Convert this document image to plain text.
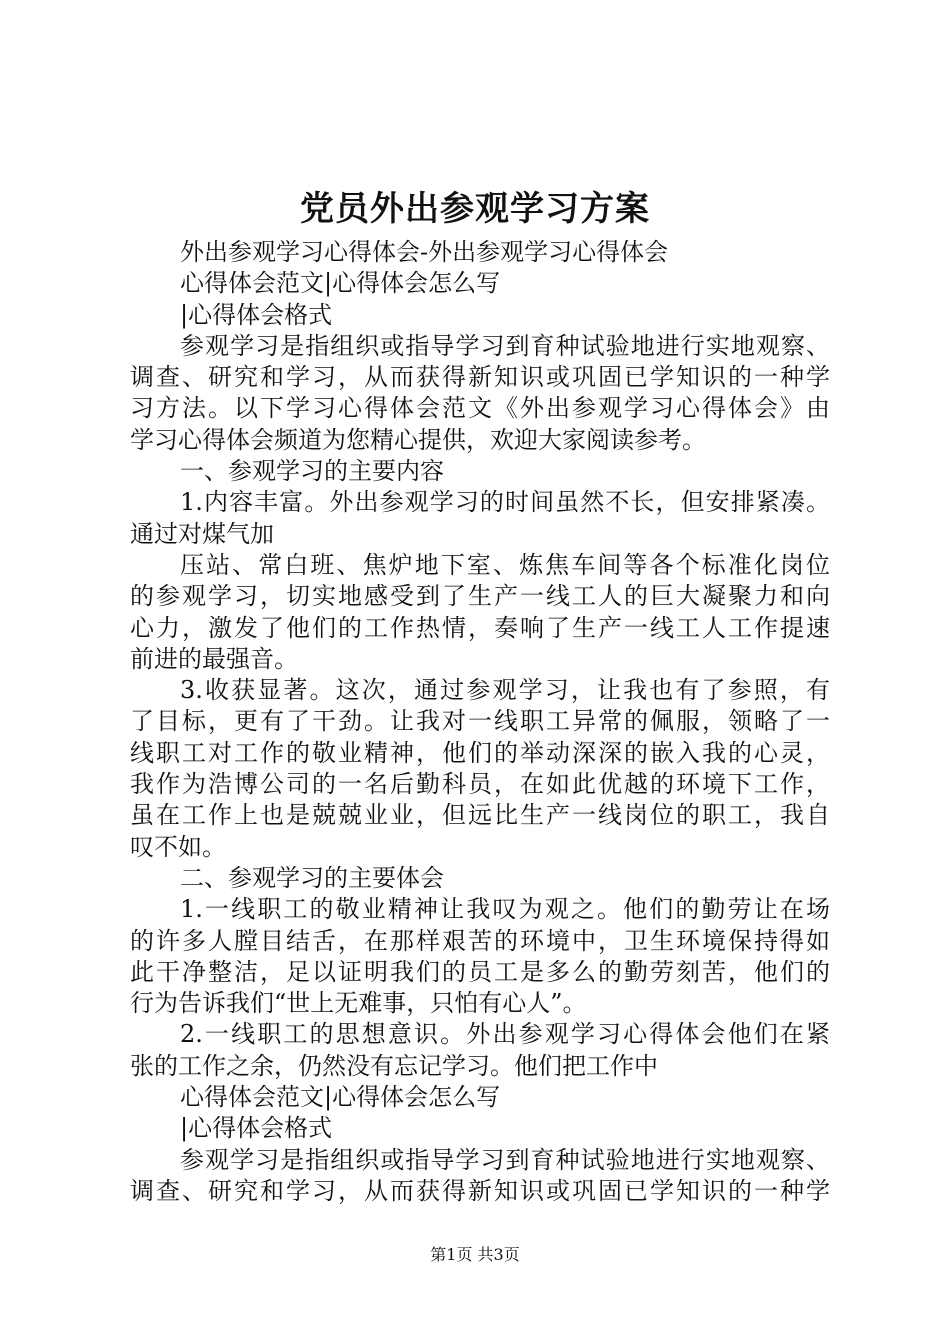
党员外出参观学习方案
外出参观学习心得体会-外出参观学习心得体会
心得体会范文|心得体会怎么写
|心得体会格式
参观学习是指组织或指导学习到育种试验地进行实地观察、
调查、研究和学习，从而获得新知识或巩固已学知识的一种学
习方法。以下学习心得体会范文《外出参观学习心得体会》由
学习心得体会频道为您精心提供，欢迎大家阅读参考。
一、参观学习的主要内容
1.内容丰富。外出参观学习的时间虽然不长，但安排紧凑。
通过对煤气加
压站、常白班、焦炉地下室、炼焦车间等各个标准化岗位
的参观学习，切实地感受到了生产一线工人的巨大凝聚力和向
心力，激发了他们的工作热情，奏响了生产一线工人工作提速
前进的最强音。
3.收获显著。这次，通过参观学习，让我也有了参照，有
了目标，更有了干劲。让我对一线职工异常的佩服，领略了一
线职工对工作的敬业精神，他们的举动深深的嵌入我的心灵，
我作为浩博公司的一名后勤科员，在如此优越的环境下工作，
虽在工作上也是兢兢业业，但远比生产一线岗位的职工，我自
叹不如。
二、参观学习的主要体会
1.一线职工的敬业精神让我叹为观之。他们的勤劳让在场
的许多人膛目结舌，在那样艰苦的环境中，卫生环境保持得如
此干净整洁，足以证明我们的员工是多么的勤劳刻苦，他们的
行为告诉我们“世上无难事，只怕有心人”。
2.一线职工的思想意识。外出参观学习心得体会他们在紧
张的工作之余，仍然没有忘记学习。他们把工作中
心得体会范文|心得体会怎么写
|心得体会格式
参观学习是指组织或指导学习到育种试验地进行实地观察、
调查、研究和学习，从而获得新知识或巩固已学知识的一种学
第1页 共3页
